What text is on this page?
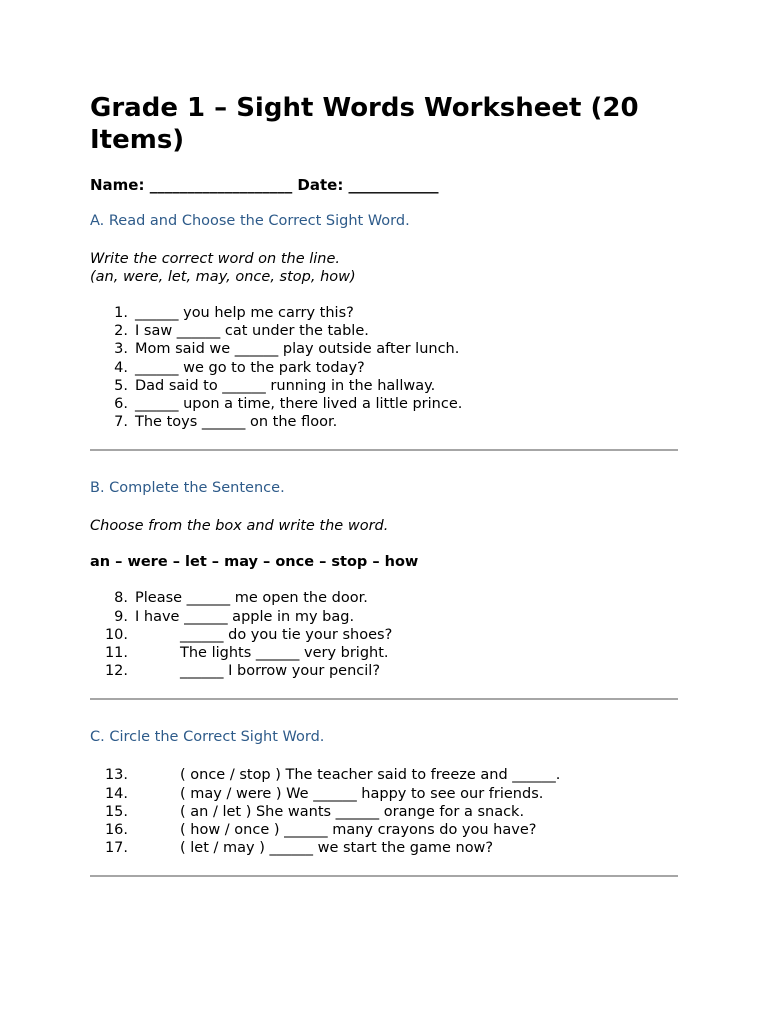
Grade 1 – Sight Words Worksheet (20 Items)
Name: ___________________ Date: ____________

A. Read and Choose the Correct Sight Word.

Write the correct word on the line.

(an, were, let, may, once, stop, how)

1. ______ you help me carry this?
2. I saw ______ cat under the table.
3. Mom said we ______ play outside after lunch.
4. ______ we go to the park today?
5. Dad said to ______ running in the hallway.
6. ______ upon a time, there lived a little prince.
7. The toys ______ on the floor.

B. Complete the Sentence.

Choose from the box and write the word.

an – were – let – may – once – stop – how

8. Please ______ me open the door.
9. I have ______ apple in my bag.
10.	______ do you tie your shoes?
11.	The lights ______ very bright.
12.	______ I borrow your pencil?

C. Circle the Correct Sight Word.

13.	( once / stop ) The teacher said to freeze and ______.
14.	( may / were ) We ______ happy to see our friends.
15.	( an / let ) She wants ______ orange for a snack.
16.	( how / once ) ______ many crayons do you have?
17.	( let / may ) ______ we start the game now?
